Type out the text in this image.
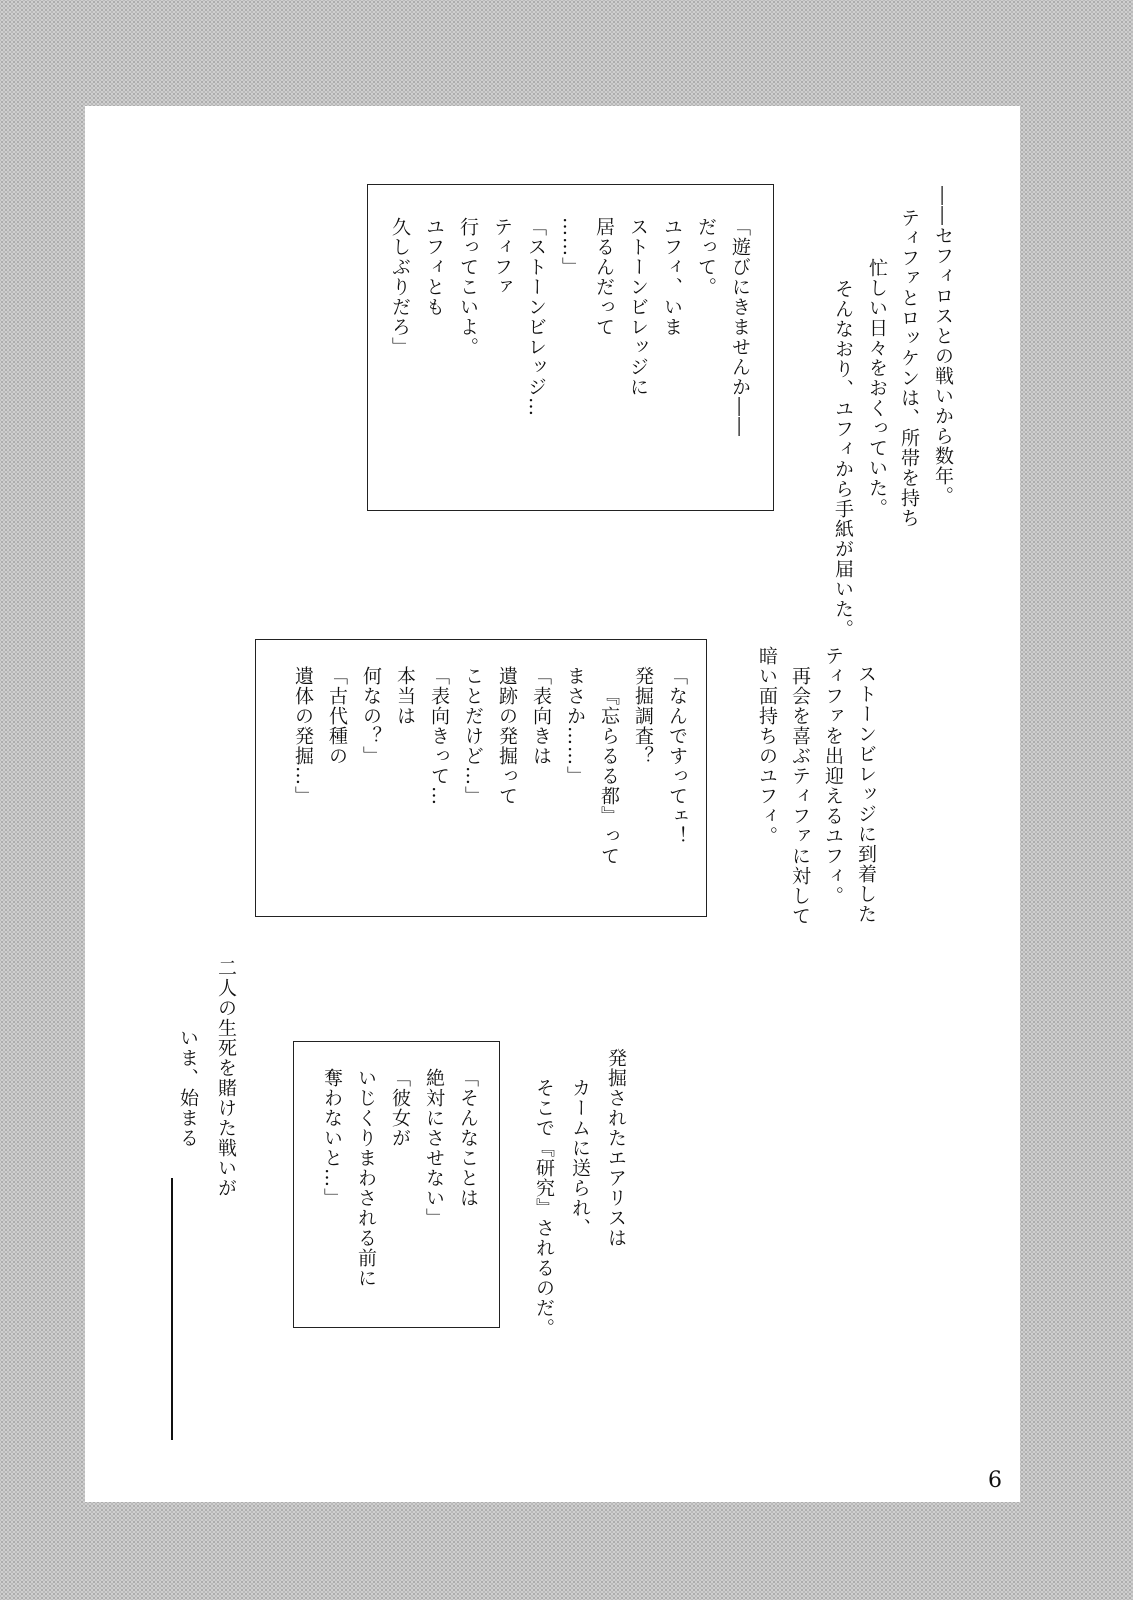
――セフィロスとの戦いから数年。
ティファとロッケンは、所帯を持ち
忙しい日々をおくっていた。
そんなおり、ユフィから手紙が届いた。
「遊びにきませんか――
だって。
ユフィ、いま
ストーンビレッジに
居るんだって
……」
「ストーンビレッジ…
ティファ
行ってこいよ。
ユフィとも
久しぶりだろ」
ストーンビレッジに到着した
ティファを出迎えるユフィ。
再会を喜ぶティファに対して
暗い面持ちのユフィ。
「なんですってェ！
発掘調査？
『忘らるる都』って
まさか……」
「表向きは
遺跡の発掘って
ことだけど…」
「表向きって…
本当は
何なの？」
「古代種の
遺体の発掘…」
発掘されたエアリスは
カームに送られ、
そこで『研究』されるのだ。
「そんなことは
絶対にさせない」
「彼女が
いじくりまわされる前に
奪わないと…」
二人の生死を賭けた戦いが
いま、始まる
6
